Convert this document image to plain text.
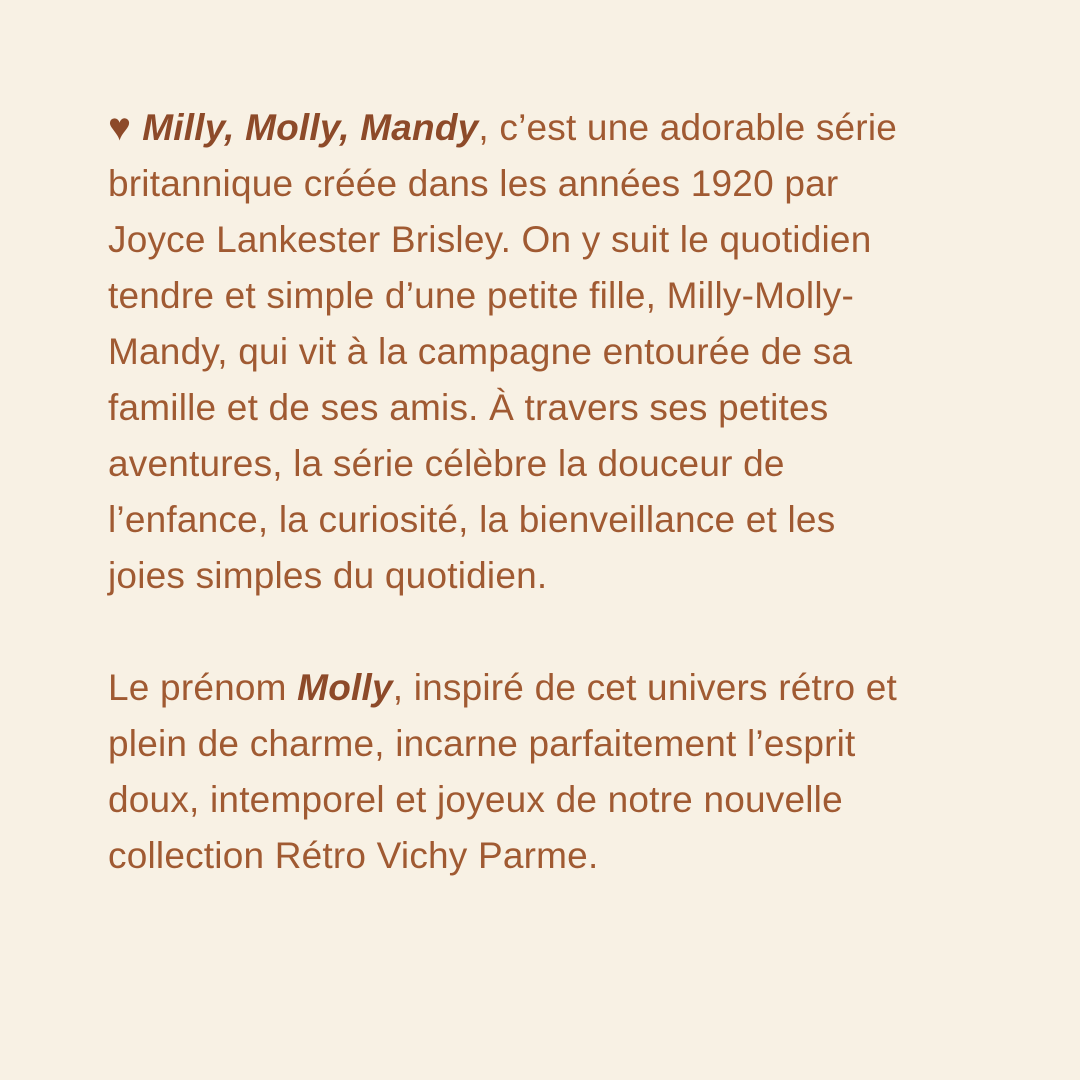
♥ Milly, Molly, Mandy, c’est une adorable série
britannique créée dans les années 1920 par
Joyce Lankester Brisley. On y suit le quotidien
tendre et simple d’une petite fille, Milly-Molly-
Mandy, qui vit à la campagne entourée de sa
famille et de ses amis. À travers ses petites
aventures, la série célèbre la douceur de
l’enfance, la curiosité, la bienveillance et les
joies simples du quotidien.
Le prénom Molly, inspiré de cet univers rétro et
plein de charme, incarne parfaitement l’esprit
doux, intemporel et joyeux de notre nouvelle
collection Rétro Vichy Parme.
